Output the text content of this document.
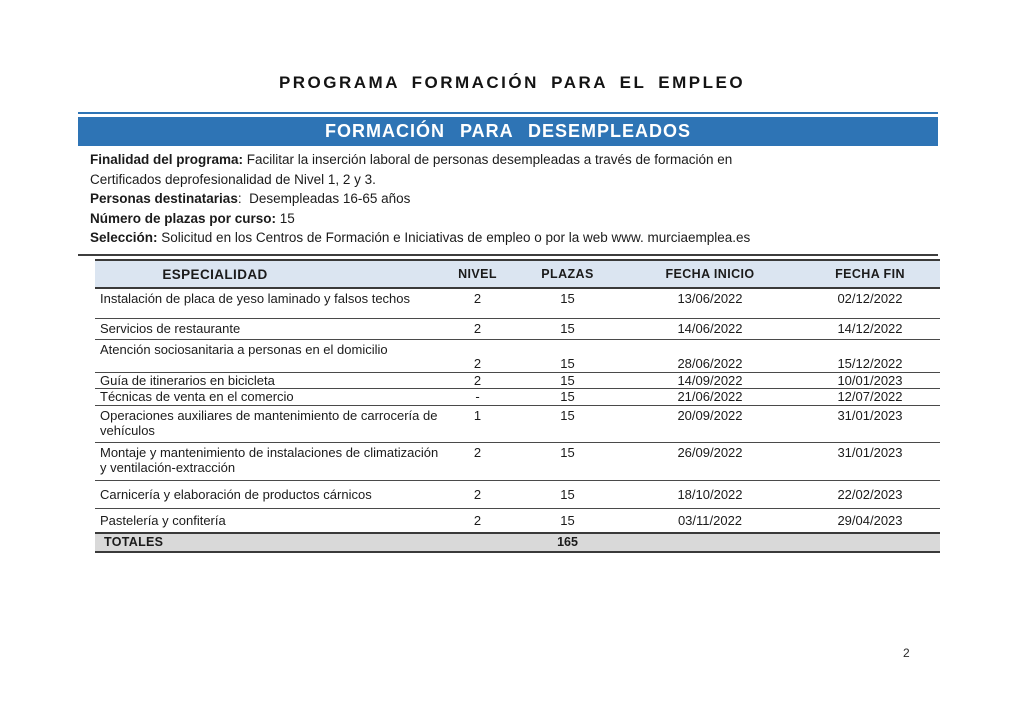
PROGRAMA FORMACIÓN PARA EL EMPLEO
FORMACIÓN PARA DESEMPLEADOS
Finalidad del programa: Facilitar la inserción laboral de personas desempleadas a través de formación en
Certificados deprofesionalidad de Nivel 1, 2 y 3.
Personas destinatarias:  Desempleadas 16-65 años
Número de plazas por curso: 15
Selección: Solicitud en los Centros de Formación e Iniciativas de empleo o por la web www. murciaemplea.es
ESPECIALIDAD	NIVEL	PLAZAS	FECHA INICIO	FECHA FIN
Instalación de placa de yeso laminado y falsos techos	2	15	13/06/2022	02/12/2022
Servicios de restaurante	2	15	14/06/2022	14/12/2022
Atención sociosanitaria a personas en el domicilio	2	15	28/06/2022	15/12/2022
Guía de itinerarios en bicicleta	2	15	14/09/2022	10/01/2023
Técnicas de venta en el comercio	-	15	21/06/2022	12/07/2022
Operaciones auxiliares de mantenimiento de carrocería de vehículos	1	15	20/09/2022	31/01/2023
Montaje y mantenimiento de instalaciones de climatización y ventilación-extracción	2	15	26/09/2022	31/01/2023
Carnicería y elaboración de productos cárnicos	2	15	18/10/2022	22/02/2023
Pastelería y confitería	2	15	03/11/2022	29/04/2023
TOTALES		165		
2
